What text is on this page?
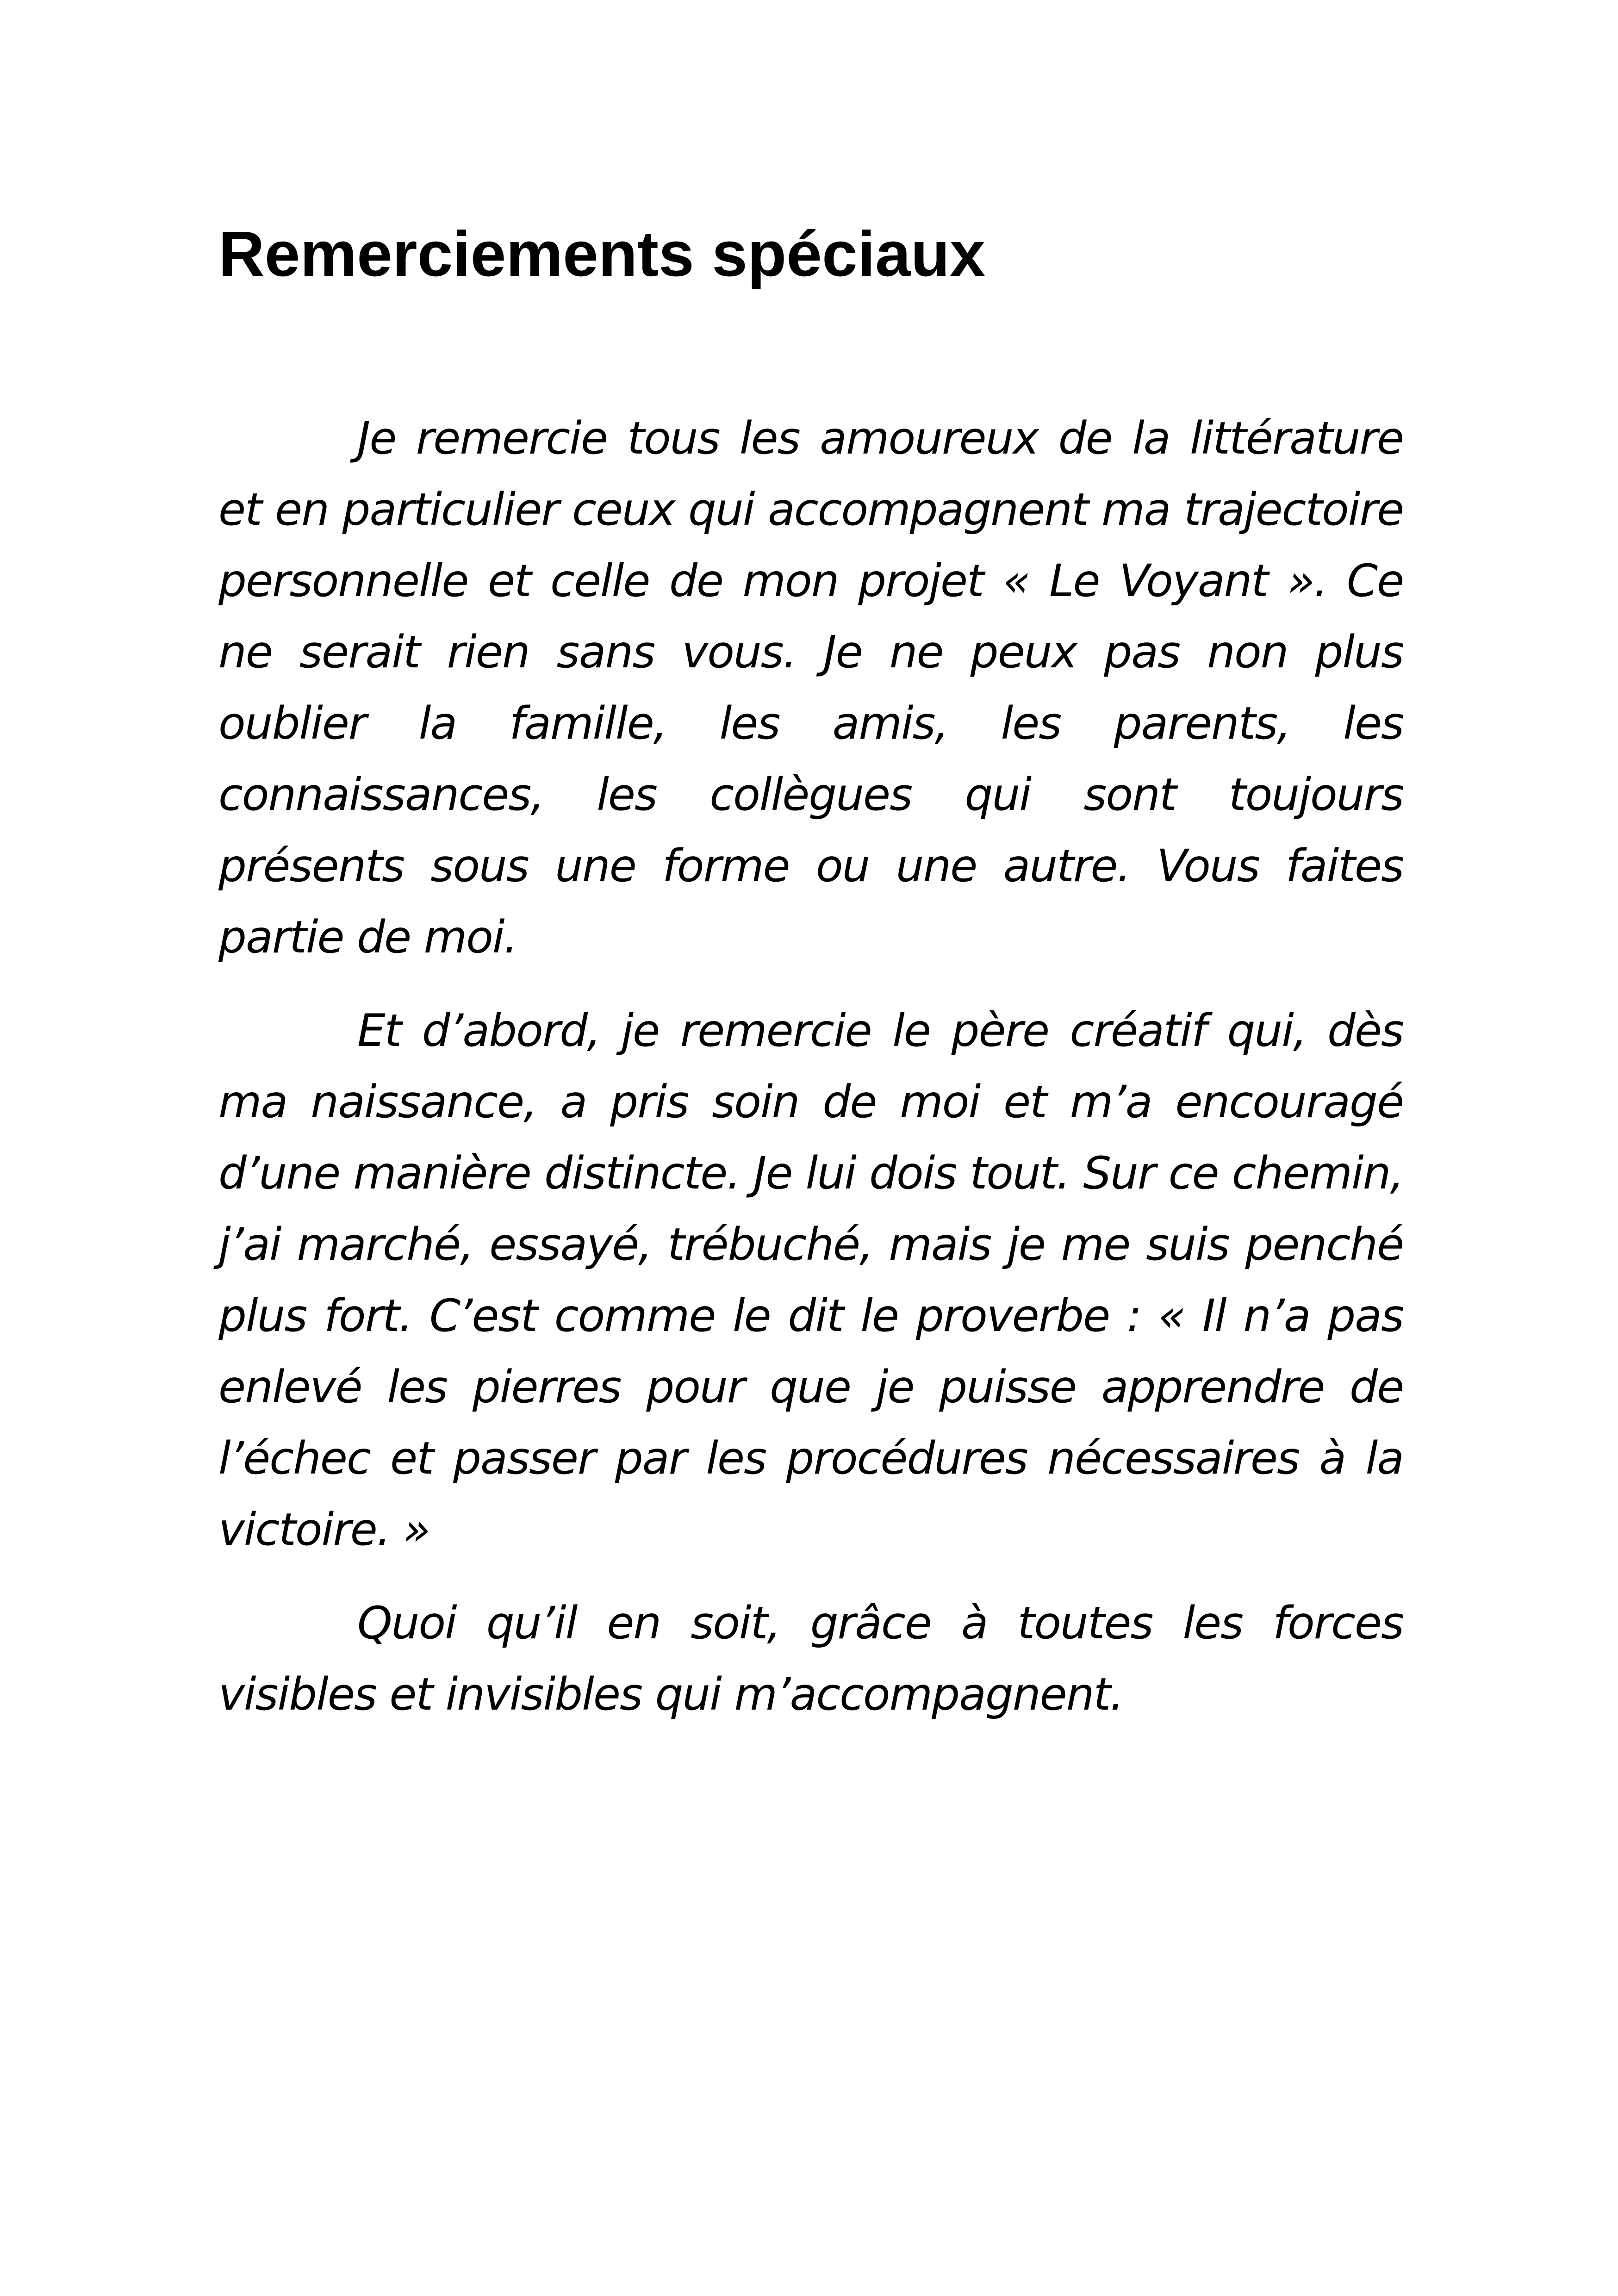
Remerciements spéciaux

Je remercie tous les amoureux de la littérature et en particulier ceux qui accompagnent ma trajectoire personnelle et celle de mon projet « Le Voyant ». Ce ne serait rien sans vous. Je ne peux pas non plus oublier la famille, les amis, les parents, les connaissances, les collègues qui sont toujours présents sous une forme ou une autre. Vous faites partie de moi.

Et d’abord, je remercie le père créatif qui, dès ma naissance, a pris soin de moi et m’a encouragé d’une manière distincte. Je lui dois tout. Sur ce chemin, j’ai marché, essayé, trébuché, mais je me suis penché plus fort. C’est comme le dit le proverbe : « Il n’a pas enlevé les pierres pour que je puisse apprendre de l’échec et passer par les procédures nécessaires à la victoire. »

Quoi qu’il en soit, grâce à toutes les forces visibles et invisibles qui m’accompagnent.
